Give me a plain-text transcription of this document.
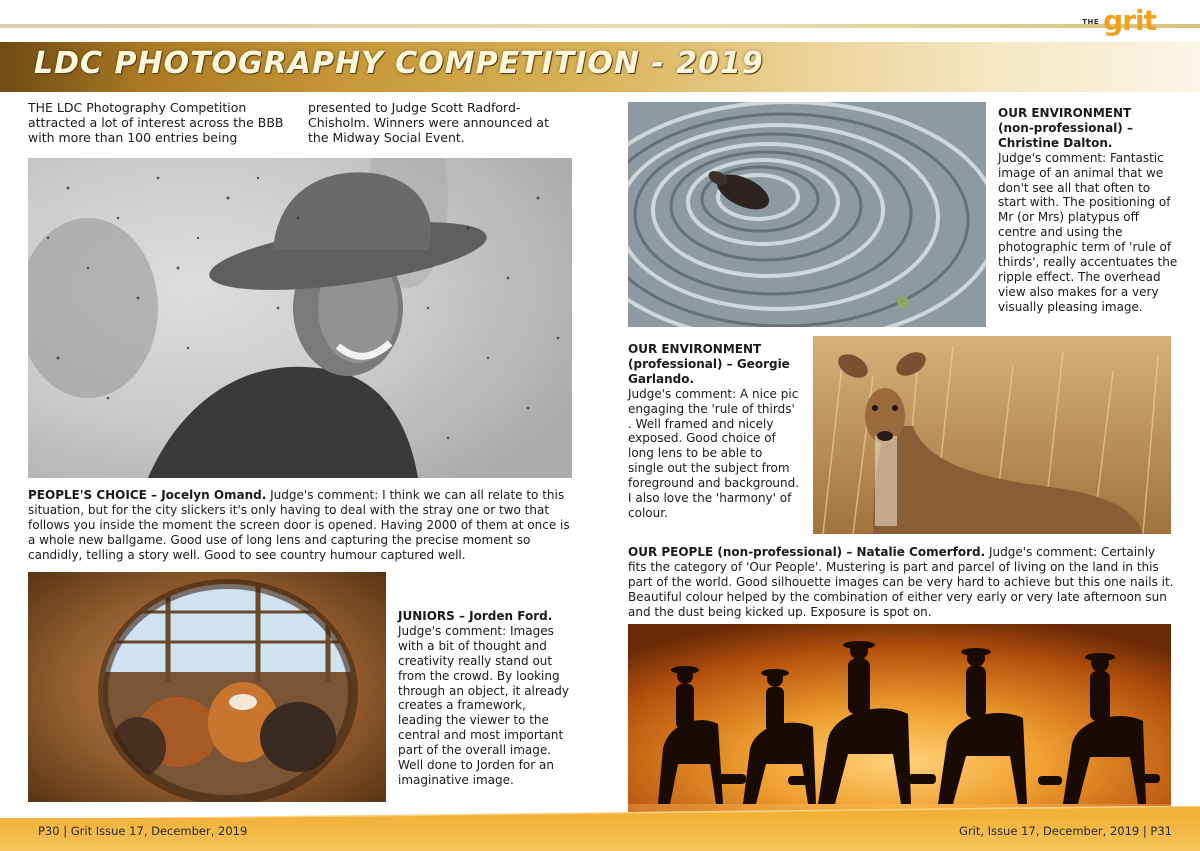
THE grit
LDC PHOTOGRAPHY COMPETITION - 2019
THE LDC Photography Competition attracted a lot of interest across the BBB with more than 100 entries being
presented to Judge Scott Radford-Chisholm. Winners were announced at the Midway Social Event.
PEOPLE'S CHOICE – Jocelyn Omand. Judge's comment: I think we can all relate to this situation, but for the city slickers it's only having to deal with the stray one or two that follows you inside the moment the screen door is opened. Having 2000 of them at once is a whole new ballgame. Good use of long lens and capturing the precise moment so candidly, telling a story well. Good to see country humour captured well.
JUNIORS – Jorden Ford.
Judge's comment: Images with a bit of thought and creativity really stand out from the crowd. By looking through an object, it already creates a framework, leading the viewer to the central and most important part of the overall image. Well done to Jorden for an imaginative image.
OUR ENVIRONMENT
(non-professional) –
Christine Dalton.
Judge's comment: Fantastic image of an animal that we don't see all that often to start with. The positioning of Mr (or Mrs) platypus off centre and using the photographic term of 'rule of thirds', really accentuates the ripple effect. The overhead view also makes for a very visually pleasing image.
OUR ENVIRONMENT (professional) – Georgie Garlando.
Judge's comment: A nice pic engaging the 'rule of thirds' . Well framed and nicely exposed. Good choice of long lens to be able to single out the subject from foreground and background. I also love the 'harmony' of colour.
OUR PEOPLE (non-professional) – Natalie Comerford. Judge's comment: Certainly fits the category of 'Our People'. Mustering is part and parcel of living on the land in this part of the world. Good silhouette images can be very hard to achieve but this one nails it. Beautiful colour helped by the combination of either very early or very late afternoon sun and the dust being kicked up. Exposure is spot on.
P30 | Grit Issue 17, December, 2019	Grit, Issue 17, December, 2019 | P31
